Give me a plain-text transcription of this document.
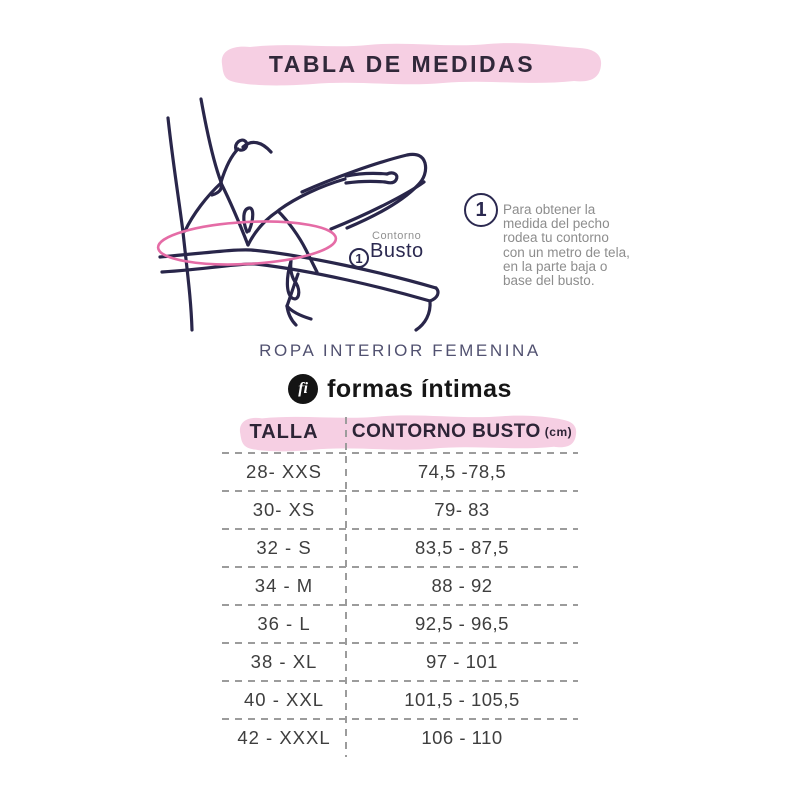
TABLA DE MEDIDAS
1
Contorno
Busto
1 Para obtener la medida del pecho rodea tu contorno con un metro de tela, en la parte baja o base del busto.
ROPA INTERIOR FEMENINA
fi formas íntimas
TALLA	CONTORNO BUSTO (cm)
28- XXS	74,5 -78,5
30- XS	79- 83
32 - S	83,5 - 87,5
34 - M	88 - 92
36 - L	92,5 - 96,5
38 - XL	97 - 101
40 - XXL	101,5 - 105,5
42 - XXXL	106 - 110
